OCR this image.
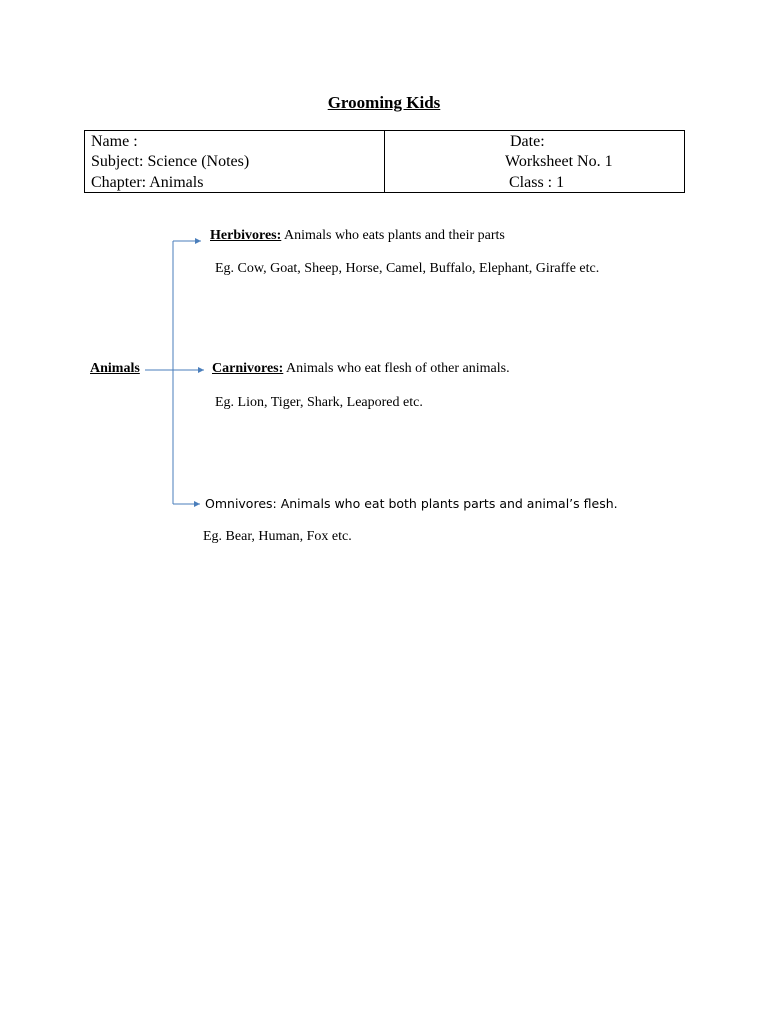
Grooming Kids
Name :
Subject: Science (Notes)
Chapter: Animals
Date:
Worksheet No. 1
Class : 1
Animals
Herbivores: Animals who eats plants and their parts
Eg. Cow, Goat, Sheep, Horse, Camel, Buffalo, Elephant, Giraffe etc.
Carnivores: Animals who eat flesh of other animals.
Eg. Lion, Tiger, Shark, Leapored etc.
Omnivores: Animals who eat both plants parts and animal’s flesh.
Eg. Bear, Human, Fox etc.
